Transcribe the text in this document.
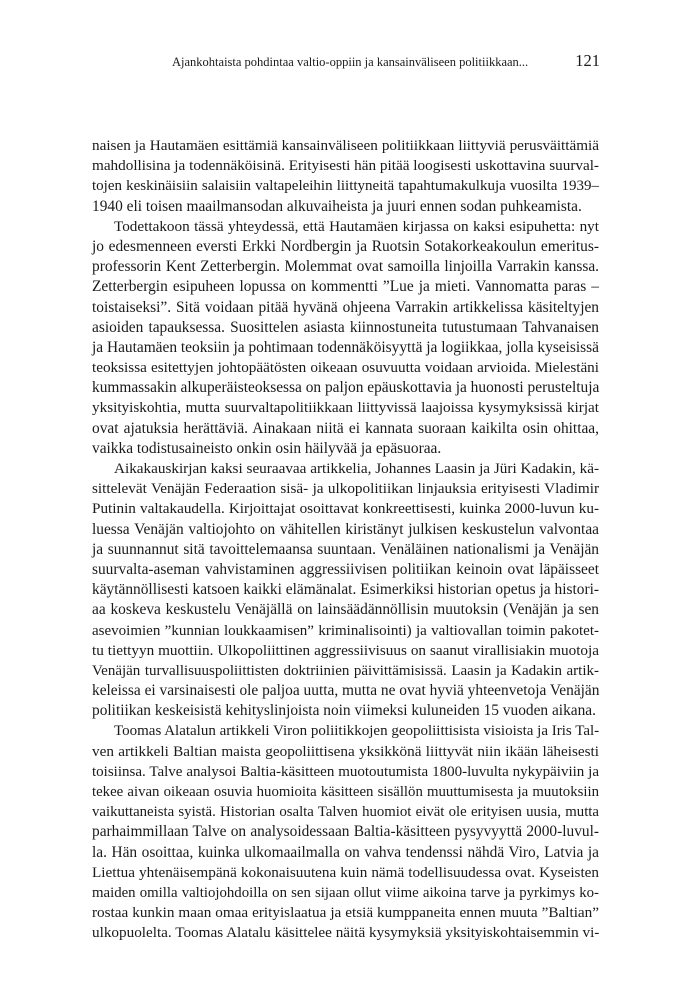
Ajankohtaista pohdintaa valtio-oppiin ja kansainväliseen politiikkaan...	121

naisen ja Hautamäen esittämiä kansainväliseen politiikkaan liittyviä perusväittämiä
mahdollisina ja todennäköisinä. Erityisesti hän pitää loogisesti uskottavina suurval-
tojen keskinäisiin salaisiin valtapeleihin liittyneitä tapahtumakulkuja vuosilta 1939–
1940 eli toisen maailmansodan alkuvaiheista ja juuri ennen sodan puhkeamista.

Todettakoon tässä yhteydessä, että Hautamäen kirjassa on kaksi esipuhetta: nyt
jo edesmenneen eversti Erkki Nordbergin ja Ruotsin Sotakorkeakoulun emeritus-
professorin Kent Zetterbergin. Molemmat ovat samoilla linjoilla Varrakin kanssa.
Zetterbergin esipuheen lopussa on kommentti ”Lue ja mieti. Vannomatta paras –
toistaiseksi”. Sitä voidaan pitää hyvänä ohjeena Varrakin artikkelissa käsiteltyjen
asioiden tapauksessa. Suosittelen asiasta kiinnostuneita tutustumaan Tahvanaisen
ja Hautamäen teoksiin ja pohtimaan todennäköisyyttä ja logiikkaa, jolla kyseisissä
teoksissa esitettyjen johtopäätösten oikeaan osuvuutta voidaan arvioida. Mielestäni
kummassakin alkuperäisteoksessa on paljon epäuskottavia ja huonosti perusteltuja
yksityiskohtia, mutta suurvaltapolitiikkaan liittyvissä laajoissa kysymyksissä kirjat
ovat ajatuksia herättäviä. Ainakaan niitä ei kannata suoraan kaikilta osin ohittaa,
vaikka todistusaineisto onkin osin häilyvää ja epäsuoraa.

Aikakauskirjan kaksi seuraavaa artikkelia, Johannes Laasin ja Jüri Kadakin, kä-
sittelevät Venäjän Federaation sisä- ja ulkopolitiikan linjauksia erityisesti Vladimir
Putinin valtakaudella. Kirjoittajat osoittavat konkreettisesti, kuinka 2000-luvun ku-
luessa Venäjän valtiojohto on vähitellen kiristänyt julkisen keskustelun valvontaa
ja suunnannut sitä tavoittelemaansa suuntaan. Venäläinen nationalismi ja Venäjän
suurvalta-aseman vahvistaminen aggressiivisen politiikan keinoin ovat läpäisseet
käytännöllisesti katsoen kaikki elämänalat. Esimerkiksi historian opetus ja histori-
aa koskeva keskustelu Venäjällä on lainsäädännöllisin muutoksin (Venäjän ja sen
asevoimien ”kunnian loukkaamisen” kriminalisointi) ja valtiovallan toimin pakotet-
tu tiettyyn muottiin. Ulkopoliittinen aggressiivisuus on saanut virallisiakin muotoja
Venäjän turvallisuuspoliittisten doktriinien päivittämisissä. Laasin ja Kadakin artik-
keleissa ei varsinaisesti ole paljoa uutta, mutta ne ovat hyviä yhteenvetoja Venäjän
politiikan keskeisistä kehityslinjoista noin viimeksi kuluneiden 15 vuoden aikana.

Toomas Alatalun artikkeli Viron poliitikkojen geopoliittisista visioista ja Iris Tal-
ven artikkeli Baltian maista geopoliittisena yksikkönä liittyvät niin ikään läheisesti
toisiinsa. Talve analysoi Baltia-käsitteen muotoutumista 1800-luvulta nykypäiviin ja
tekee aivan oikeaan osuvia huomioita käsitteen sisällön muuttumisesta ja muutoksiin
vaikuttaneista syistä. Historian osalta Talven huomiot eivät ole erityisen uusia, mutta
parhaimmillaan Talve on analysoidessaan Baltia-käsitteen pysyvyyttä 2000-luvul-
la. Hän osoittaa, kuinka ulkomaailmalla on vahva tendenssi nähdä Viro, Latvia ja
Liettua yhtenäisempänä kokonaisuutena kuin nämä todellisuudessa ovat. Kyseisten
maiden omilla valtiojohdoilla on sen sijaan ollut viime aikoina tarve ja pyrkimys ko-
rostaa kunkin maan omaa erityislaatua ja etsiä kumppaneita ennen muuta ”Baltian”
ulkopuolelta. Toomas Alatalu käsittelee näitä kysymyksiä yksityiskohtaisemmin vi-
